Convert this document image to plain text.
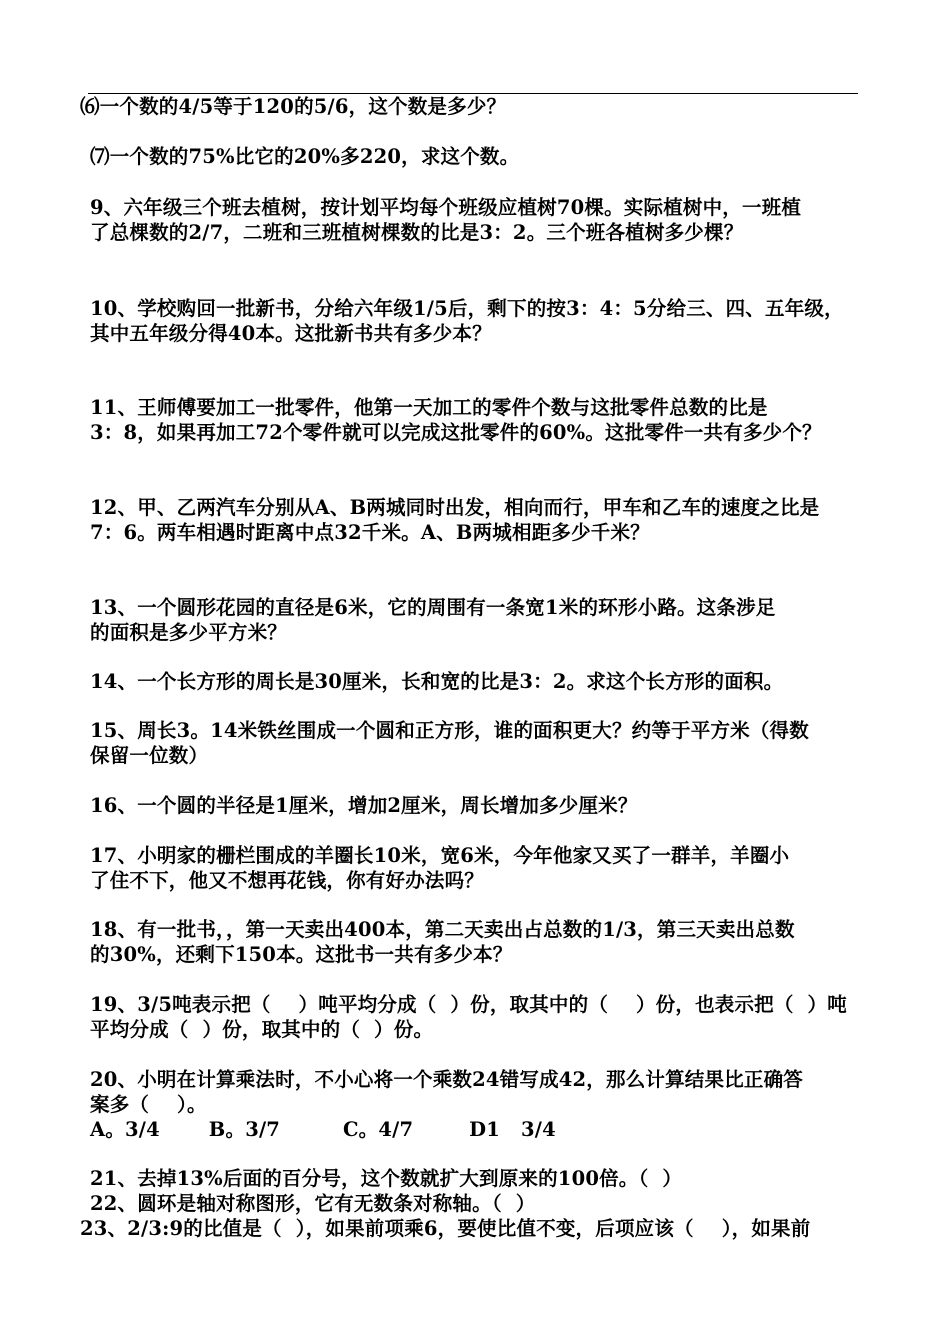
⑹一个数的4/5等于120的5/6，这个数是多少？
⑺一个数的75%比它的20%多220，求这个数。
9、六年级三个班去植树，按计划平均每个班级应植树70棵。实际植树中，一班植
了总棵数的2/7，二班和三班植树棵数的比是3：2。三个班各植树多少棵？
10、学校购回一批新书，分给六年级1/5后，剩下的按3：4：5分给三、四、五年级，
其中五年级分得40本。这批新书共有多少本？
11、王师傅要加工一批零件，他第一天加工的零件个数与这批零件总数的比是
3：8，如果再加工72个零件就可以完成这批零件的60%。这批零件一共有多少个？
12、甲、乙两汽车分别从A、B两城同时出发，相向而行，甲车和乙车的速度之比是
7：6。两车相遇时距离中点32千米。A、B两城相距多少千米？
13、一个圆形花园的直径是6米，它的周围有一条宽1米的环形小路。这条涉足
的面积是多少平方米？
14、一个长方形的周长是30厘米，长和宽的比是3：2。求这个长方形的面积。
15、周长3。14米铁丝围成一个圆和正方形，谁的面积更大？约等于平方米（得数
保留一位数）
16、一个圆的半径是1厘米，增加2厘米，周长增加多少厘米？
17、小明家的栅栏围成的羊圈长10米，宽6米，今年他家又买了一群羊，羊圈小
了住不下，他又不想再花钱，你有好办法吗？
18、有一批书，，第一天卖出400本，第二天卖出占总数的1/3，第三天卖出总数
的30%，还剩下150本。这批书一共有多少本？
19、3/5吨表示把（    ）吨平均分成（  ）份，取其中的（    ）份，也表示把（  ）吨
平均分成（  ）份，取其中的（  ）份。
20、小明在计算乘法时，不小心将一个乘数24错写成42，那么计算结果比正确答
案多（    ）。
A。3/4       B。3/7         C。4/7        D1   3/4
21、去掉13%后面的百分号，这个数就扩大到原来的100倍。（  ）
22、圆环是轴对称图形，它有无数条对称轴。（  ）
23、2/3:9的比值是（  ），如果前项乘6，要使比值不变，后项应该（    ），如果前
